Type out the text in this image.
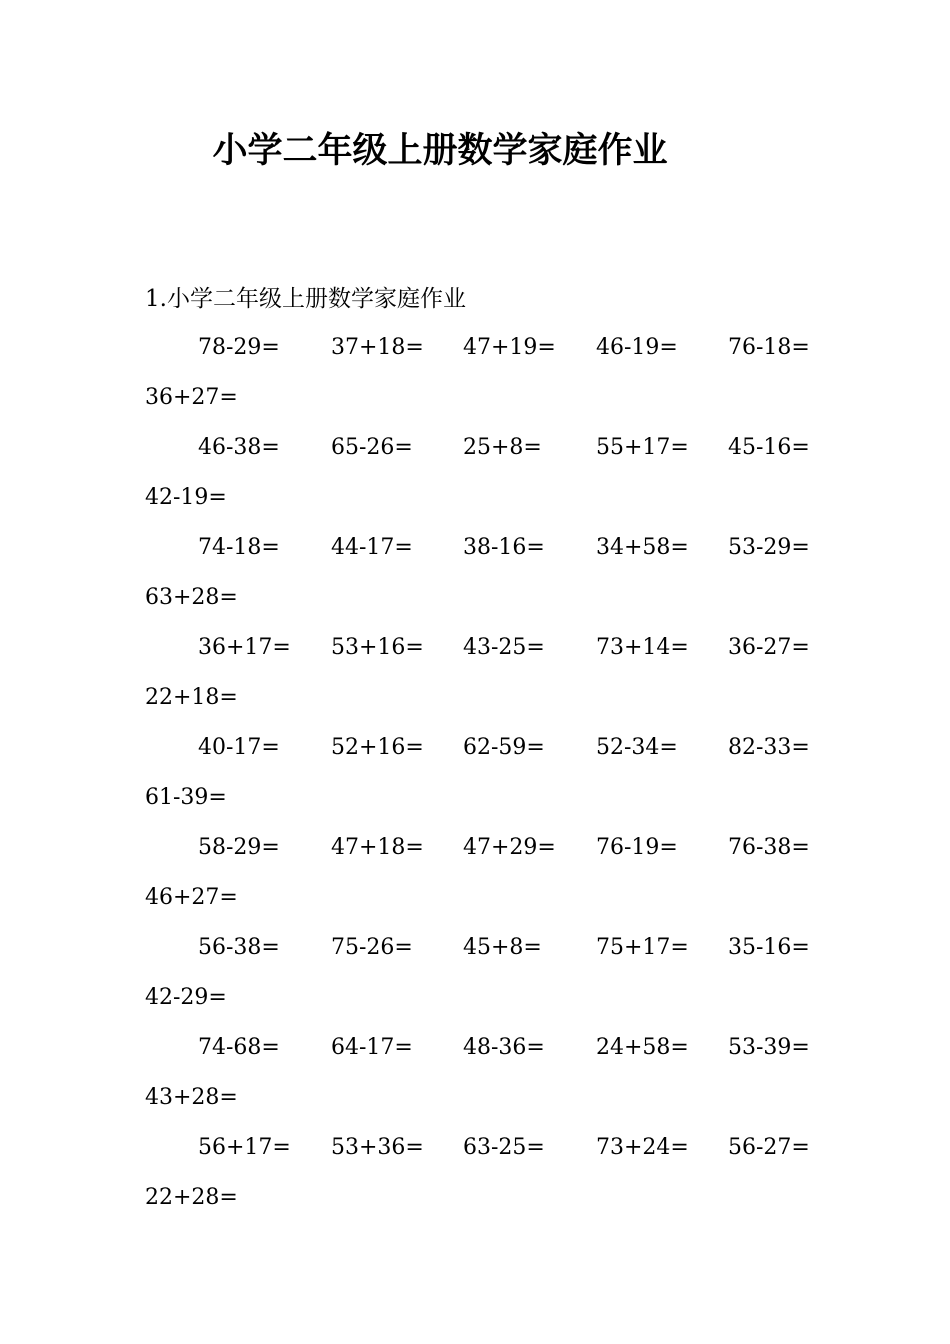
小学二年级上册数学家庭作业
1.小学二年级上册数学家庭作业
78-29= 37+18= 47+19= 46-19= 76-18=
36+27=
46-38= 65-26= 25+8= 55+17= 45-16=
42-19=
74-18= 44-17= 38-16= 34+58= 53-29=
63+28=
36+17= 53+16= 43-25= 73+14= 36-27=
22+18=
40-17= 52+16= 62-59= 52-34= 82-33=
61-39=
58-29= 47+18= 47+29= 76-19= 76-38=
46+27=
56-38= 75-26= 45+8= 75+17= 35-16=
42-29=
74-68= 64-17= 48-36= 24+58= 53-39=
43+28=
56+17= 53+36= 63-25= 73+24= 56-27=
22+28=
